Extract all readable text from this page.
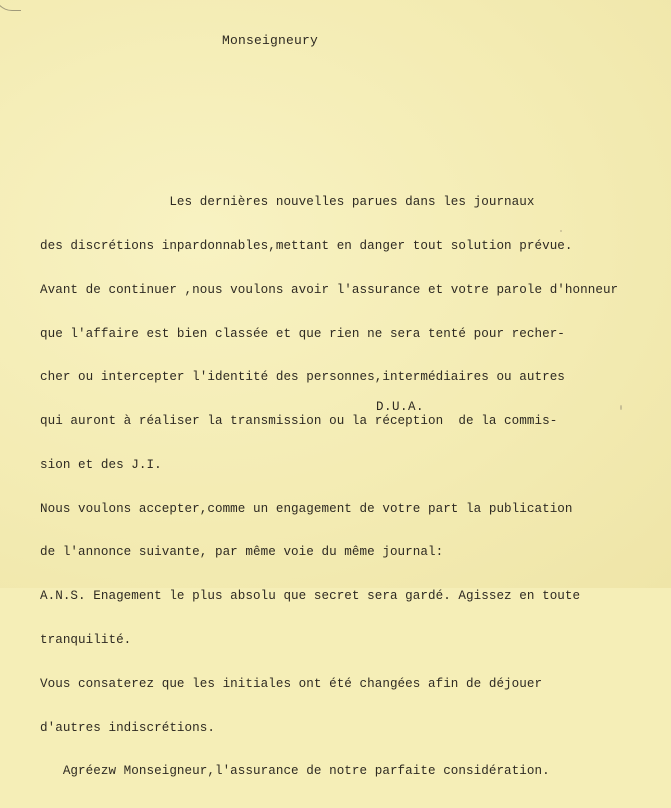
Monseigneury

Les dernières nouvelles parues dans les journaux

des discrétions inpardonnables,mettant en danger tout solution prévue.

Avant de continuer ,nous voulons avoir l'assurance et votre parole d'honneur

que l'affaire est bien classée et que rien ne sera tenté pour recher-

cher ou intercepter l'identité des personnes,intermédiaires ou autres

qui auront à réaliser la transmission ou la réception  de la commis-

sion et des J.I.

Nous voulons accepter,comme un engagement de votre part la publication

de l'annonce suivante, par même voie du même journal:

A.N.S. Enagement le plus absolu que secret sera gardé. Agissez en toute

tranquilité.

Vous consaterez que les initiales ont été changées afin de déjouer

d'autres indiscrétions.

Agréezw Monseigneur,l'assurance de notre parfaite considération.

D.U.A.
